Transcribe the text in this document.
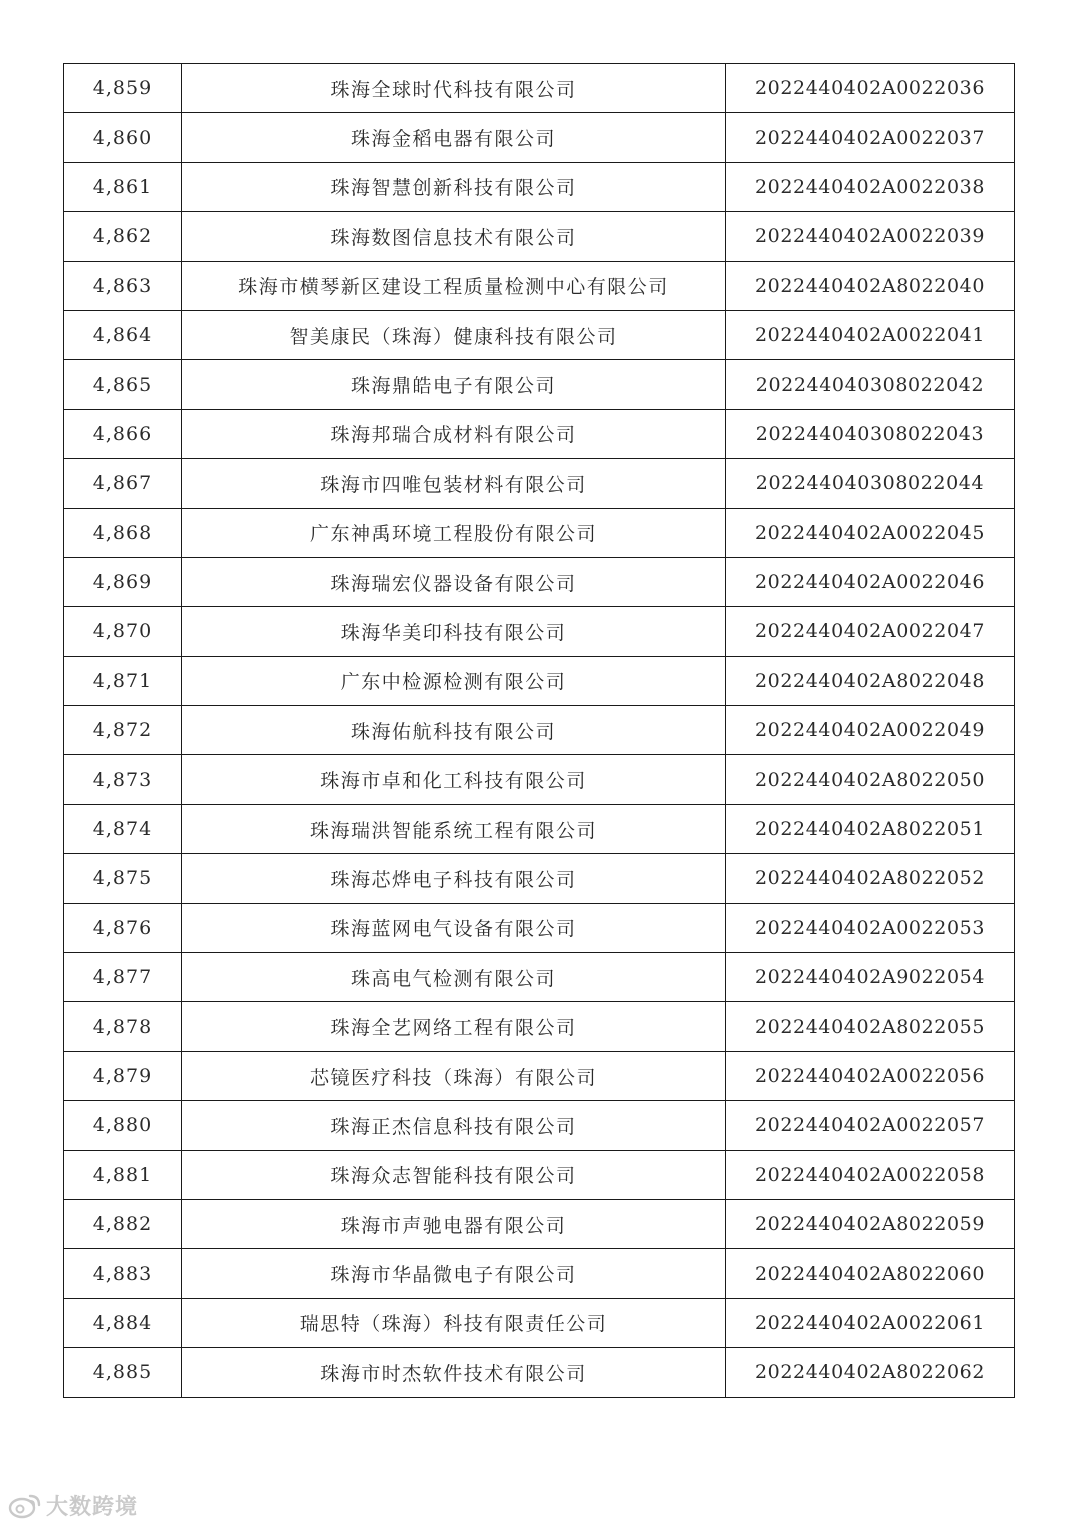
4,859	珠海全球时代科技有限公司	2022440402A0022036
4,860	珠海金稻电器有限公司	2022440402A0022037
4,861	珠海智慧创新科技有限公司	2022440402A0022038
4,862	珠海数图信息技术有限公司	2022440402A0022039
4,863	珠海市横琴新区建设工程质量检测中心有限公司	2022440402A8022040
4,864	智美康民（珠海）健康科技有限公司	2022440402A0022041
4,865	珠海鼎皓电子有限公司	202244040308022042
4,866	珠海邦瑞合成材料有限公司	202244040308022043
4,867	珠海市四唯包装材料有限公司	202244040308022044
4,868	广东神禹环境工程股份有限公司	2022440402A0022045
4,869	珠海瑞宏仪器设备有限公司	2022440402A0022046
4,870	珠海华美印科技有限公司	2022440402A0022047
4,871	广东中检源检测有限公司	2022440402A8022048
4,872	珠海佑航科技有限公司	2022440402A0022049
4,873	珠海市卓和化工科技有限公司	2022440402A8022050
4,874	珠海瑞洪智能系统工程有限公司	2022440402A8022051
4,875	珠海芯烨电子科技有限公司	2022440402A8022052
4,876	珠海蓝网电气设备有限公司	2022440402A0022053
4,877	珠高电气检测有限公司	2022440402A9022054
4,878	珠海全艺网络工程有限公司	2022440402A8022055
4,879	芯镜医疗科技（珠海）有限公司	2022440402A0022056
4,880	珠海正杰信息科技有限公司	2022440402A0022057
4,881	珠海众志智能科技有限公司	2022440402A0022058
4,882	珠海市声驰电器有限公司	2022440402A8022059
4,883	珠海市华晶微电子有限公司	2022440402A8022060
4,884	瑞思特（珠海）科技有限责任公司	2022440402A0022061
4,885	珠海市时杰软件技术有限公司	2022440402A8022062
大数跨境
